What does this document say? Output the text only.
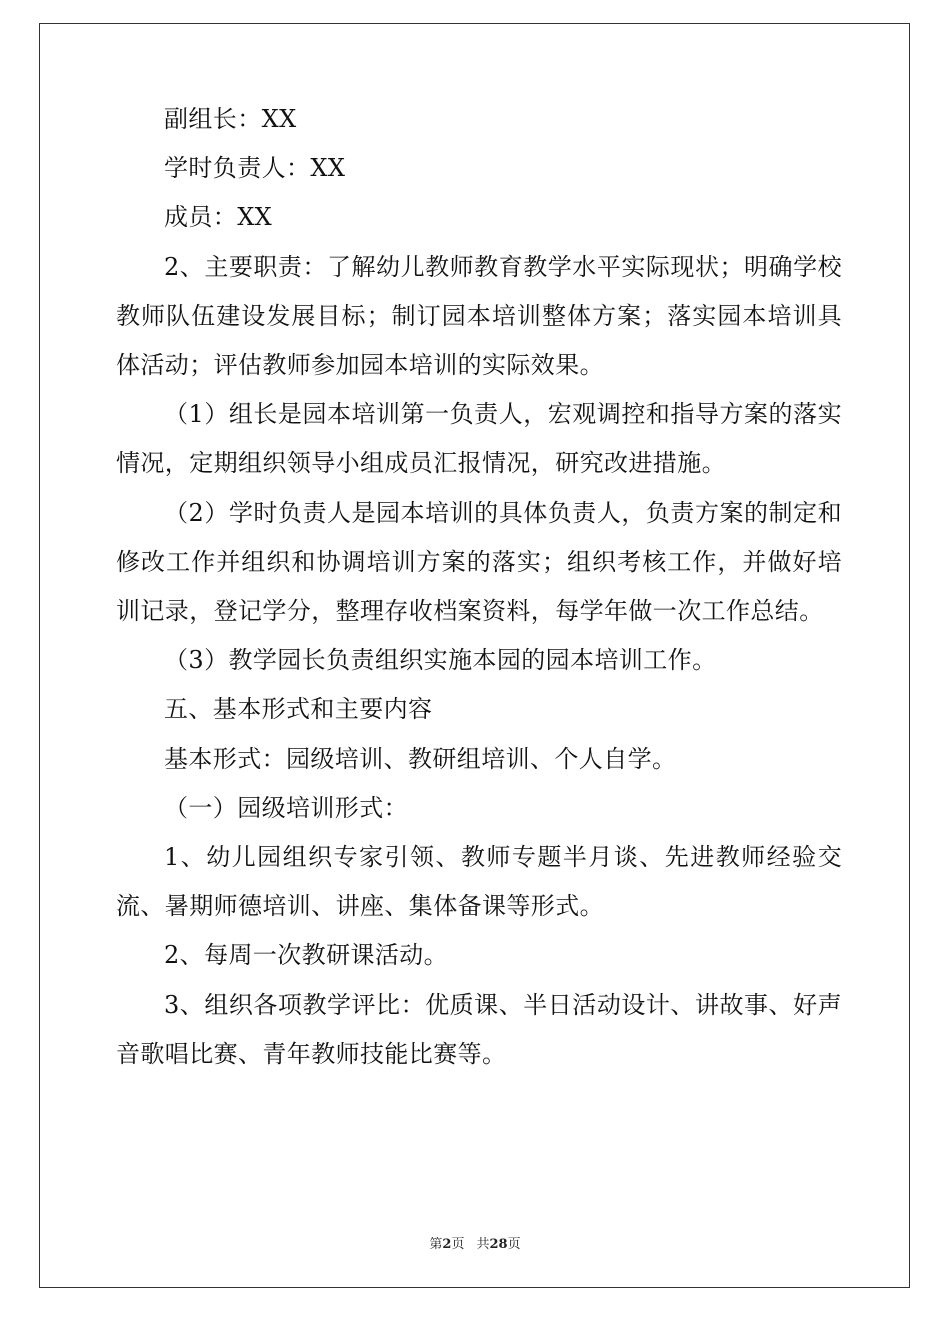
副组长：XX

学时负责人：XX

成员：XX

2、主要职责：了解幼儿教师教育教学水平实际现状；明确学校教师队伍建设发展目标；制订园本培训整体方案；落实园本培训具体活动；评估教师参加园本培训的实际效果。

（1）组长是园本培训第一负责人，宏观调控和指导方案的落实情况，定期组织领导小组成员汇报情况，研究改进措施。

（2）学时负责人是园本培训的具体负责人，负责方案的制定和修改工作并组织和协调培训方案的落实；组织考核工作，并做好培训记录，登记学分，整理存收档案资料，每学年做一次工作总结。

（3）教学园长负责组织实施本园的园本培训工作。

五、基本形式和主要内容

基本形式：园级培训、教研组培训、个人自学。

（一）园级培训形式：

1、幼儿园组织专家引领、教师专题半月谈、先进教师经验交流、暑期师德培训、讲座、集体备课等形式。

2、每周一次教研课活动。

3、组织各项教学评比：优质课、半日活动设计、讲故事、好声音歌唱比赛、青年教师技能比赛等。

第2页 共28页
